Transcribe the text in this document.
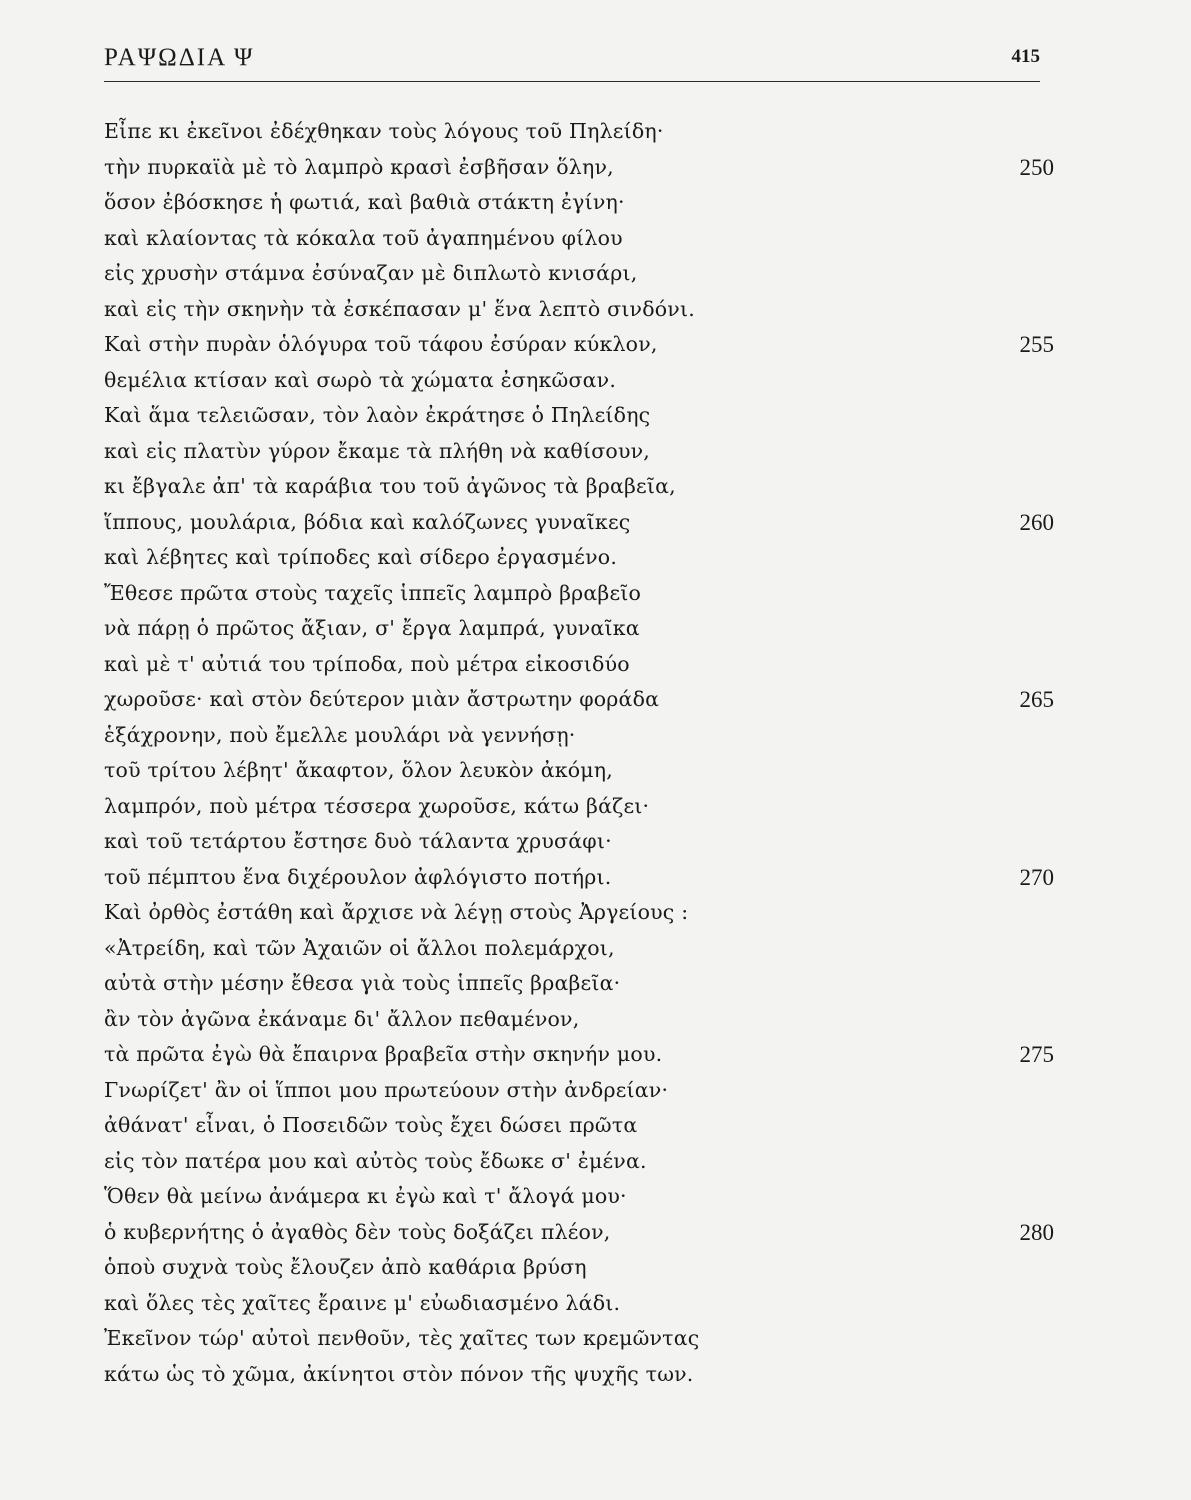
ΡΑΨΩΔΙΑ Ψ	415
Εἶπε κι ἐκεῖνοι ἐδέχθηκαν τοὺς λόγους τοῦ Πηλείδη·
τὴν πυρκαϊὰ μὲ τὸ λαμπρὸ κρασὶ ἐσβῆσαν ὅλην,	250
ὅσον ἐβόσκησε ἡ φωτιά, καὶ βαθιὰ στάκτη ἐγίνη·
καὶ κλαίοντας τὰ κόκαλα τοῦ ἀγαπημένου φίλου
εἰς χρυσὴν στάμνα ἐσύναζαν μὲ διπλωτὸ κνισάρι,
καὶ εἰς τὴν σκηνὴν τὰ ἐσκέπασαν μ' ἕνα λεπτὸ σινδόνι.
Καὶ στὴν πυρὰν ὁλόγυρα τοῦ τάφου ἐσύραν κύκλον,	255
θεμέλια κτίσαν καὶ σωρὸ τὰ χώματα ἐσηκῶσαν.
Καὶ ἅμα τελειῶσαν, τὸν λαὸν ἐκράτησε ὁ Πηλείδης
καὶ εἰς πλατὺν γύρον ἔκαμε τὰ πλήθη νὰ καθίσουν,
κι ἔβγαλε ἀπ' τὰ καράβια του τοῦ ἀγῶνος τὰ βραβεῖα,
ἵππους, μουλάρια, βόδια καὶ καλόζωνες γυναῖκες	260
καὶ λέβητες καὶ τρίποδες καὶ σίδερο ἐργασμένο.
Ἔθεσε πρῶτα στοὺς ταχεῖς ἱππεῖς λαμπρὸ βραβεῖο
νὰ πάρῃ ὁ πρῶτος ἄξιαν, σ' ἔργα λαμπρά, γυναῖκα
καὶ μὲ τ' αὐτιά του τρίποδα, ποὺ μέτρα εἰκοσιδύο
χωροῦσε· καὶ στὸν δεύτερον μιὰν ἄστρωτην φοράδα	265
ἑξάχρονην, ποὺ ἔμελλε μουλάρι νὰ γεννήσῃ·
τοῦ τρίτου λέβητ' ἄκαφτον, ὅλον λευκὸν ἀκόμη,
λαμπρόν, ποὺ μέτρα τέσσερα χωροῦσε, κάτω βάζει·
καὶ τοῦ τετάρτου ἔστησε δυὸ τάλαντα χρυσάφι·
τοῦ πέμπτου ἕνα διχέρουλον ἀφλόγιστο ποτήρι.	270
Καὶ ὀρθὸς ἐστάθη καὶ ἄρχισε νὰ λέγῃ στοὺς Ἀργείους :
«Ἀτρείδη, καὶ τῶν Ἀχαιῶν οἱ ἄλλοι πολεμάρχοι,
αὐτὰ στὴν μέσην ἔθεσα γιὰ τοὺς ἱππεῖς βραβεῖα·
ἂν τὸν ἀγῶνα ἐκάναμε δι' ἄλλον πεθαμένον,
τὰ πρῶτα ἐγὼ θὰ ἔπαιρνα βραβεῖα στὴν σκηνήν μου.	275
Γνωρίζετ' ἂν οἱ ἵπποι μου πρωτεύουν στὴν ἀνδρείαν·
ἀθάνατ' εἶναι, ὁ Ποσειδῶν τοὺς ἔχει δώσει πρῶτα
εἰς τὸν πατέρα μου καὶ αὐτὸς τοὺς ἔδωκε σ' ἐμένα.
Ὅθεν θὰ μείνω ἀνάμερα κι ἐγὼ καὶ τ' ἄλογά μου·
ὁ κυβερνήτης ὁ ἀγαθὸς δὲν τοὺς δοξάζει πλέον,	280
ὁποὺ συχνὰ τοὺς ἔλουζεν ἀπὸ καθάρια βρύση
καὶ ὅλες τὲς χαῖτες ἔραινε μ' εὐωδιασμένο λάδι.
Ἐκεῖνον τώρ' αὐτοὶ πενθοῦν, τὲς χαῖτες των κρεμῶντας
κάτω ὡς τὸ χῶμα, ἀκίνητοι στὸν πόνον τῆς ψυχῆς των.
